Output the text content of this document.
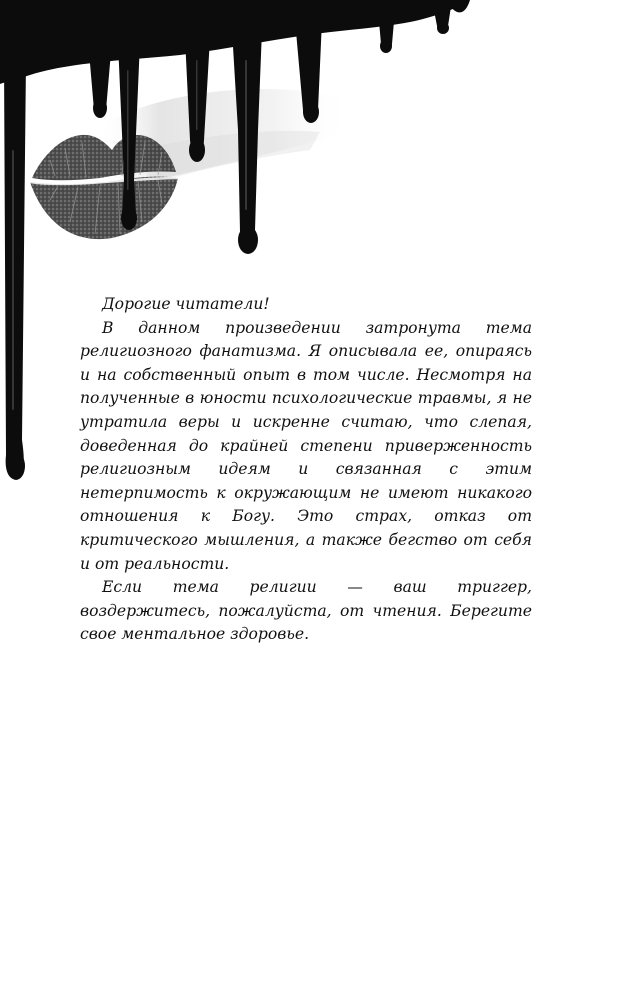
Дорогие читатели!

В данном произведении затронута тема религиозного фанатизма. Я описывала ее, опираясь и на собственный опыт в том числе. Несмотря на полученные в юности психологические травмы, я не утратила веры и искренне считаю, что слепая, доведенная до крайней степени приверженность религиозным идеям и связанная с этим нетерпимость к окружающим не имеют никакого отношения к Богу. Это страх, отказ от критического мышления, а также бегство от себя и от реальности.

Если тема религии — ваш триггер, воздержитесь, пожалуйста, от чтения. Берегите свое ментальное здоровье.
